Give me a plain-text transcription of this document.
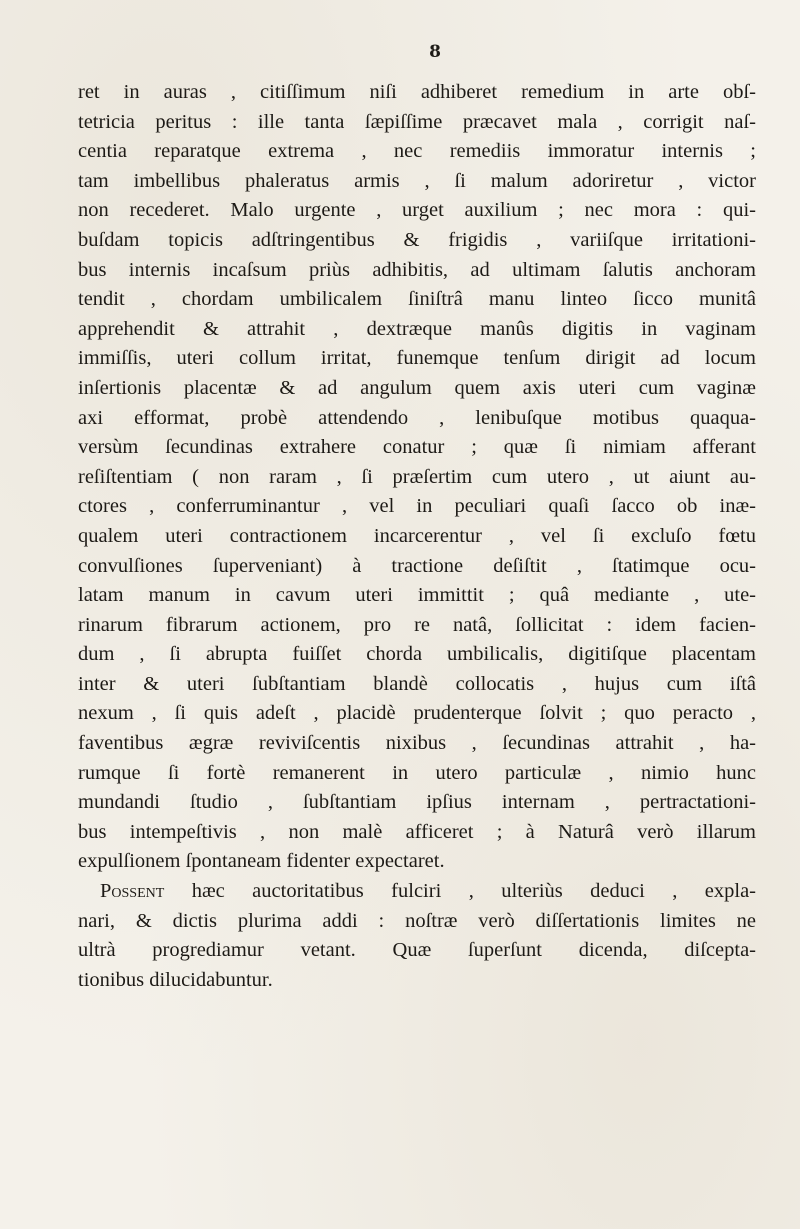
8
ret in auras , citiſſimum niſi adhiberet remedium in arte obſ-
tetricia peritus : ille tanta ſæpiſſime præcavet mala , corrigit naſ-
centia reparatque extrema , nec remediis immoratur internis ;
tam imbellibus phaleratus armis , ſi malum adoriretur , victor
non recederet. Malo urgente , urget auxilium ; nec mora : qui-
buſdam topicis adſtringentibus & frigidis , variiſque irritationi-
bus internis incaſsum priùs adhibitis, ad ultimam ſalutis anchoram
tendit , chordam umbilicalem ſiniſtrâ manu linteo ſicco munitâ
apprehendit & attrahit , dextræque manûs digitis in vaginam
immiſſis, uteri collum irritat, funemque tenſum dirigit ad locum
inſertionis placentæ & ad angulum quem axis uteri cum vaginæ
axi efformat, probè attendendo , lenibuſque motibus quaqua-
versùm ſecundinas extrahere conatur ; quæ ſi nimiam afferant
reſiſtentiam ( non raram , ſi præſertim cum utero , ut aiunt au-
ctores , conferruminantur , vel in peculiari quaſi ſacco ob inæ-
qualem uteri contractionem incarcerentur , vel ſi excluſo fœtu
convulſiones ſuperveniant) à tractione deſiſtit , ſtatimque ocu-
latam manum in cavum uteri immittit ; quâ mediante , ute-
rinarum fibrarum actionem, pro re natâ, ſollicitat : idem facien-
dum , ſi abrupta fuiſſet chorda umbilicalis, digitiſque placentam
inter & uteri ſubſtantiam blandè collocatis , hujus cum iſtâ
nexum , ſi quis adeſt , placidè prudenterque ſolvit ; quo peracto ,
faventibus ægræ reviviſcentis nixibus , ſecundinas attrahit , ha-
rumque ſi fortè remanerent in utero particulæ , nimio hunc
mundandi ſtudio , ſubſtantiam ipſius internam , pertractationi-
bus intempeſtivis , non malè afficeret ; à Naturâ verò illarum
expulſionem ſpontaneam fidenter expectaret.
Possent hæc auctoritatibus fulciri , ulteriùs deduci , expla-
nari, & dictis plurima addi : noſtræ verò diſſertationis limites ne
ultrà progrediamur vetant. Quæ ſuperſunt dicenda, diſcepta-
tionibus dilucidabuntur.
